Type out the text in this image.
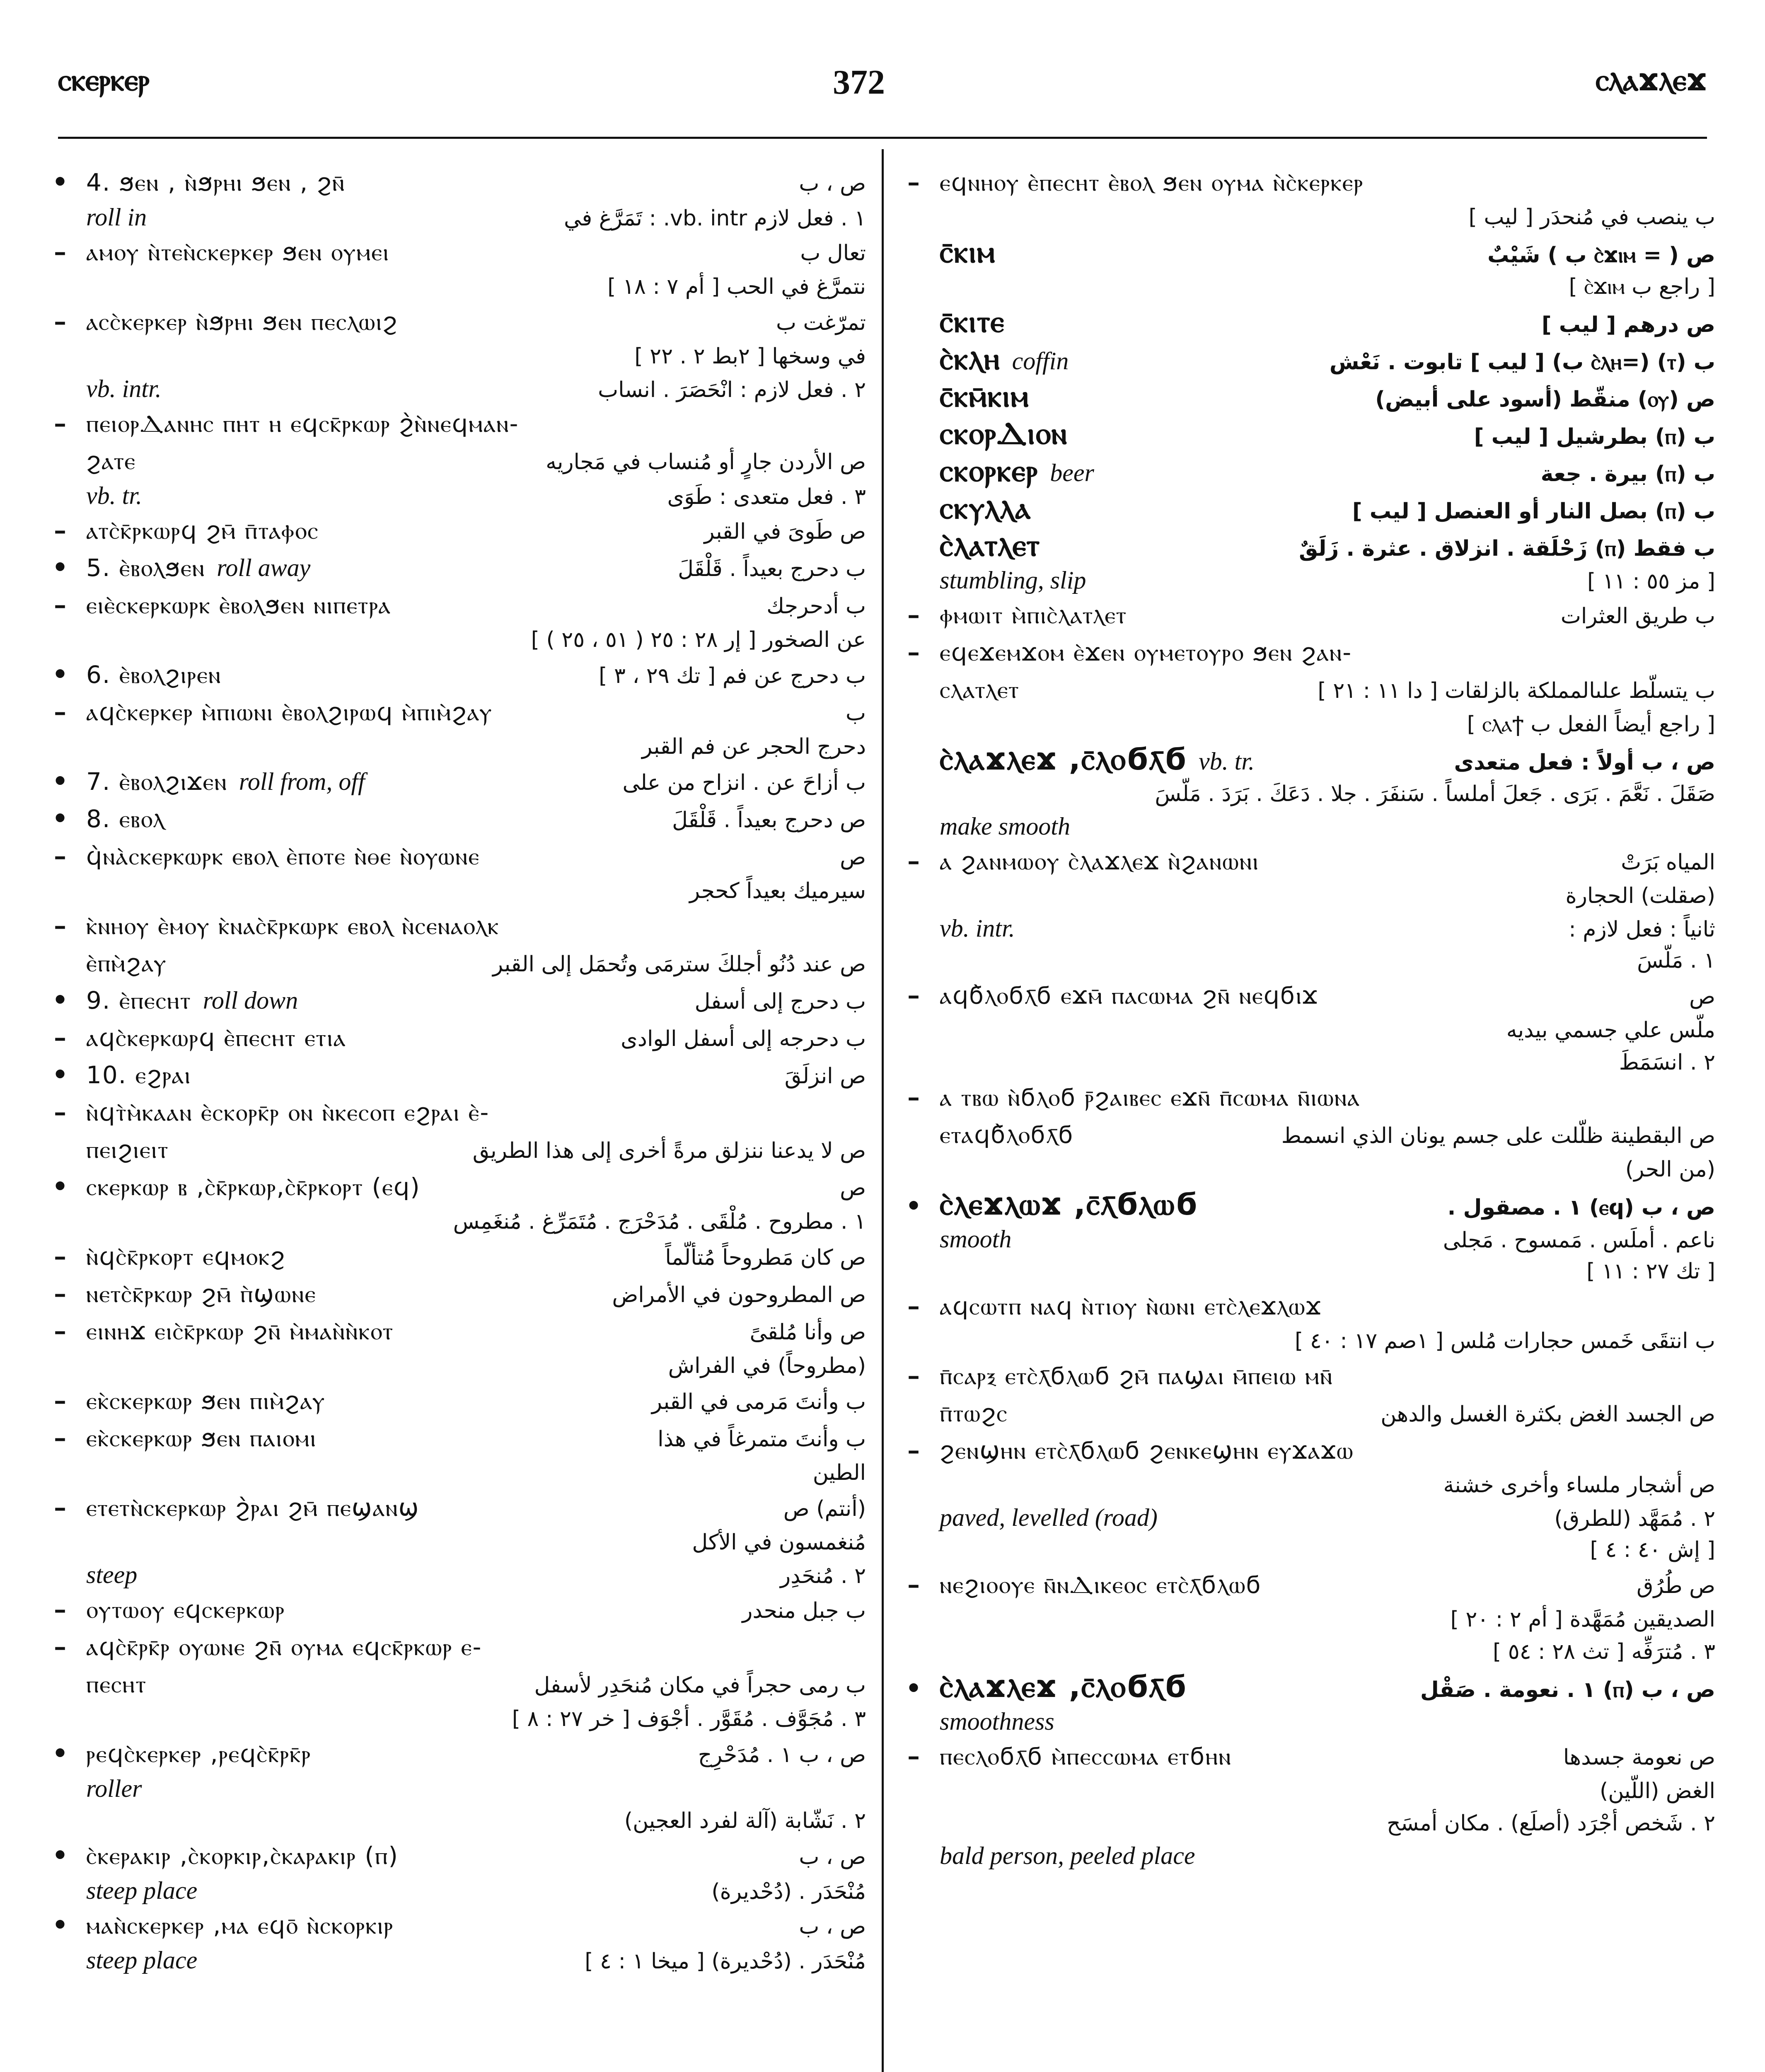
ⲥⲕⲉⲣⲕⲉⲣ	372	ⲥⲗⲁϫⲗⲉϫ
• 4. ϧⲉⲛ , ⲛ̀ϧⲣⲏⲓ ϧⲉⲛ , ϩⲛ̄	ص ، ب
roll in	١ . فعل لازم vb. intr. : تَمَرَّغ في
– ⲁⲙⲟⲩ ⲛ̀ⲧⲉⲛ̀ⲥⲕⲉⲣⲕⲉⲣ ϧⲉⲛ ⲟⲩⲙⲉⲓ	تعال ب
نتمرَّغ في الحب [ أم ٧ : ١٨ ]
– ⲁⲥⲥ̀ⲕⲉⲣⲕⲉⲣ ⲛ̀ϧⲣⲏⲓ ϧⲉⲛ ⲡⲉⲥⲗⲱⲓϩ	تمرّغت ب
في وسخها [ ٢بط ٢ . ٢٢ ]
vb. intr.	٢ . فعل لازم : انْحَصَرَ . انساب
– ⲡⲉⲓⲟⲣⲆⲁⲛⲏⲥ ⲡⲏⲧ ⲏ ⲉϥⲥⲕ̄ⲣⲕⲱⲣ ϩ̀ⲛ̀ⲛⲉϥⲙⲁⲛ-
ϩⲁⲧⲉ	ص الأردن جارٍ أو مُنساب في مَجاريه
vb. tr.	٣ . فعل متعدى : طَوَى
– ⲁⲧⲥ̀ⲕ̄ⲣⲕⲱⲣϥ ϩⲙ̄ ⲡ̄ⲧⲁⲫⲟⲥ	ص طَوىَ في القبر
• 5. ⲉ̀ⲃⲟⲗϧⲉⲛ roll away	ب دحرج بعيداً . قَلْقَلَ
– ⲉⲓⲉ̀ⲥⲕⲉⲣⲕⲱⲣⲕ ⲉ̀ⲃⲟⲗϧⲉⲛ ⲛⲓⲡⲉⲧⲣⲁ	ب أدحرجك
عن الصخور [ إر ٢٨ : ٢٥ ( ٥١ ، ٢٥ ) ]
• 6. ⲉ̀ⲃⲟⲗϩⲓⲣⲉⲛ	ب دحرج عن فم [ تك ٢٩ ، ٣ ]
– ⲁϥⲥ̀ⲕⲉⲣⲕⲉⲣ ⲙ̀ⲡⲓⲱⲛⲓ ⲉ̀ⲃⲟⲗϩⲓⲣⲱϥ ⲙ̀ⲡⲓⲙ̀ϩⲁⲩ	ب
دحرج الحجر عن فم القبر
• 7. ⲉ̀ⲃⲟⲗϩⲓϫⲉⲛ roll from, off	ب أزاحَ عن . انزاح من على
• 8. ⲉⲃⲟⲗ	ص دحرج بعيداً . قَلْقَلَ
– ϥ̀ⲛⲁ̀ⲥⲕⲉⲣⲕⲱⲣⲕ ⲉⲃⲟⲗ ⲉ̀ⲡⲟⲧⲉ ⲛ̀ⲑⲉ ⲛ̀ⲟⲩⲱⲛⲉ	ص
سيرميك بعيداً كحجر
– ⲕ̀ⲛⲏⲟⲩ ⲉ̀ⲙⲟⲩ ⲕ̀ⲛⲁⲥ̀ⲕ̄ⲣⲕⲱⲣⲕ ⲉⲃⲟⲗ ⲛ̀ⲥⲉⲛⲁⲟⲗⲕ
ⲉ̀ⲡⲙ̀ϩⲁⲩ	ص عند دُنُو أجلكَ سترمَى وتُحمَل إلى القبر
• 9. ⲉ̀ⲡⲉⲥⲏⲧ roll down	ب دحرج إلى أسفل
– ⲁϥⲥ̀ⲕⲉⲣⲕⲱⲣϥ ⲉ̀ⲡⲉⲥⲏⲧ ⲉⲧⲓⲁ	ب دحرجه إلى أسفل الوادى
• 10. ⲉϩⲣⲁⲓ	ص انزلَقَ
– ⲛ̀ϥⲧ̀ⲙ̀ⲕⲁⲁⲛ ⲉ̀ⲥⲕⲟⲣⲕ̄ⲣ ⲟⲛ ⲛ̀ⲕⲉⲥⲟⲡ ⲉϩⲣⲁⲓ ⲉ̀-
ⲡⲉⲓϩⲓⲉⲓⲧ	ص لا يدعنا ننزلق مرةً أخرى إلى هذا الطريق
• ⲥⲕⲉⲣⲕⲱⲣ ⲃ ,ⲥ̀ⲕ̄ⲣⲕⲱⲣ,ⲥ̀ⲕ̄ⲣⲕⲟⲣⲧ (ⲉϥ)	ص
١ . مطروح . مُلْقَى . مُدَحْرَج . مُتَمَرِّغ . مُنغَمِس
– ⲛ̀ϥⲥ̀ⲕ̄ⲣⲕⲟⲣⲧ ⲉϥⲙⲟⲕϩ	ص كان مَطروحاً مُتألّماً
– ⲛⲉⲧⲥ̀ⲕ̄ⲣⲕⲱⲣ ϩⲙ̄ ⲡ̀ϣⲱⲛⲉ	ص المطروحون في الأمراض
– ⲉⲓⲛⲏϫ ⲉⲓⲥ̀ⲕ̄ⲣⲕⲱⲣ ϩⲛ̄ ⲙ̀ⲙⲁⲛ̀ⲛ̀ⲕⲟⲧ	ص وأنا مُلقىً
(مطروحاً) في الفراش
– ⲉⲕ̀ⲥⲕⲉⲣⲕⲱⲣ ϧⲉⲛ ⲡⲓⲙ̀ϩⲁⲩ	ب وأنتَ مَرمى في القبر
– ⲉⲕ̀ⲥⲕⲉⲣⲕⲱⲣ ϧⲉⲛ ⲡⲁⲓⲟⲙⲓ	ب وأنتَ متمرغاً في هذا
الطين
– ⲉⲧⲉⲧⲛ̀ⲥⲕⲉⲣⲕⲱⲣ ϩ̀ⲣⲁⲓ ϩⲙ̄ ⲡⲉϣⲁⲛϣ	(أنتم) ص
مُنغمسون في الأكل
steep	٢ . مُنحَدِر
– ⲟⲩⲧⲱⲟⲩ ⲉϥⲥⲕⲉⲣⲕⲱⲣ	ب جبل منحدر
– ⲁϥⲥ̀ⲕ̄ⲣⲕ̄ⲣ ⲟⲩⲱⲛⲉ ϩⲛ̄ ⲟⲩⲙⲁ ⲉϥⲥⲕ̄ⲣⲕⲱⲣ ⲉ-
ⲡⲉⲥⲏⲧ	ب رمى حجراً في مكان مُنحَدِر لأسفل
٣ . مُجَوَّف . مُقَوَّر . أجْوَف [ خر ٢٧ : ٨ ]
• ⲣⲉϥⲥ̀ⲕⲉⲣⲕⲉⲣ ,ⲣⲉϥⲥ̀ⲕ̄ⲣⲕ̄ⲣ	ص ، ب ١ . مُدَحْرِج
roller
٢ . نَشّابة (آلة لفرد العجين)
• ⲥ̀ⲕⲉⲣⲁⲕⲓⲣ ,ⲥ̀ⲕⲟⲣⲕⲓⲣ,ⲥ̀ⲕⲁⲣⲁⲕⲓⲣ (ⲡ)	ص ، ب
steep place	مُنْحَدَر . (دُحْديرة)
• ⲙⲁⲛ̀ⲥⲕⲉⲣⲕⲉⲣ ,ⲙⲁ ⲉϥⲟ̄ ⲛ̀ⲥⲕⲟⲣⲕⲓⲣ	ص ، ب
steep place	مُنْحَدَر . (دُحْديرة) [ ميخا ١ : ٤ ]
– ⲉϥⲛⲏⲟⲩ ⲉ̀ⲡⲉⲥⲏⲧ ⲉ̀ⲃⲟⲗ ϧⲉⲛ ⲟⲩⲙⲁ ⲛ̀ⲥ̀ⲕⲉⲣⲕⲉⲣ
ب ينصب في مُنحدَر [ ليب ]
ⲥ̄ⲕⲓⲙ	ص ( = ⲥ̀ϫⲓⲙ ب ) شَيْبٌ
[ راجع ب ⲥ̀ϫⲓⲙ ]
ⲥ̄ⲕⲓⲧⲉ	ص درهم [ ليب ]
ⲥ̀ⲕⲗⲏ coffin	ب (ⲧ) (=ⲥ̀ⲗⲏ ب) [ ليب ] تابوت . نَعْش
ⲥ̄ⲕⲙ̄ⲕⲓⲙ	ص (ⲟⲩ) منقّط (أسود على أبيض)
ⲥⲕⲟⲣⲆⲓⲟⲛ	ب (ⲡ) بطرشيل [ ليب ]
ⲥⲕⲟⲣⲕⲉⲣ beer	ب (ⲡ) بيرة . جعة
ⲥⲕⲩⲗⲗⲁ	ب (ⲡ) بصل النار أو العنصل [ ليب ]
ⲥ̀ⲗⲁⲧⲗⲉⲧ	ب فقط (ⲡ) زَحْلَقة . انزلاق . عثرة . زَلَقٌ
stumbling, slip	[ مز ٥٥ : ١١ ]
– ⲫⲙⲱⲓⲧ ⲙ̀ⲡⲓⲥ̀ⲗⲁⲧⲗⲉⲧ	ب طريق العثرات
– ⲉϥⲉϫⲉⲙϫⲟⲙ ⲉ̀ϫⲉⲛ ⲟⲩⲙⲉⲧⲟⲩⲣⲟ ϧⲉⲛ ϩⲁⲛ-
ⲥⲗⲁⲧⲗⲉⲧ	ب يتسلّط علىالمملكة بالزلقات [ دا ١١ : ٢١ ]
[ راجع أيضاً الفعل ب ⲥⲗⲁϯ ]
ⲥ̀ⲗⲁϫⲗⲉϫ ,ⲥ̄ⲗⲟϭⲗ̄ϭ vb. tr.	ص ، ب أولاً : فعل متعدى
صَقَلَ . نَعَّمَ . بَرَى . جَعلَ أملساً . سَنفَرَ . جلا . دَعَكَ . بَرَدَ . مَلَّسَ
make smooth
– ⲁ ϩⲁⲛⲙⲱⲟⲩ ⲥ̀ⲗⲁϫⲗⲉϫ ⲛ̀ϩⲁⲛⲱⲛⲓ	المياه بَرَتْ
(صقلت) الحجارة
vb. intr.	ثانياً : فعل لازم :
١ . مَلَّسَ
– ⲁϥϭ̀ⲗⲟϭⲗ̄ϭ ⲉϫⲙ̄ ⲡⲁⲥⲱⲙⲁ ϩⲛ̄ ⲛⲉϥϭⲓϫ	ص
ملّس علي جسمي بيديه
٢ . انسَمَطَ
– ⲁ ⲧⲃⲱ ⲛ̀ϭⲗⲟϭ ⲣ̄ϩⲁⲓⲃⲉⲥ ⲉϫⲛ̄ ⲡ̄ⲥⲱⲙⲁ ⲛ̄ⲓⲱⲛⲁ
ⲉⲧⲁϥϭ̀ⲗⲟϭⲗ̄ϭ	ص البقطينة ظلّلت على جسم يونان الذي انسمط
(من الحر)
• ⲥ̀ⲗⲉϫⲗⲱϫ ,ⲥ̄ⲗ̄ϭⲗⲱϭ	ص ، ب (ⲉϥ) ١ . مصقول .
smooth	ناعم . أملَس . مَمسوح . مَجلى
[ تك ٢٧ : ١١ ]
– ⲁϥⲥⲱⲧⲡ ⲛⲁϥ ⲛ̀ⲧⲓⲟⲩ ⲛ̀ⲱⲛⲓ ⲉⲧⲥ̀ⲗⲉϫⲗⲱϫ
ب انتقَى خَمس حجارات مُلس [ ١صم ١٧ : ٤٠ ]
– ⲡ̄ⲥⲁⲣⲝ ⲉⲧⲥ̀ⲗ̄ϭⲗⲱϭ ϩⲙ̄ ⲡⲁϣⲁⲓ ⲙ̄ⲡⲉⲓⲱ ⲙⲛ̄
ⲡ̄ⲧⲱϩⲥ	ص الجسد الغض بكثرة الغسل والدهن
– ϩⲉⲛϣⲏⲛ ⲉⲧⲥ̀ⲗ̄ϭⲗⲱϭ ϩⲉⲛⲕⲉϣⲏⲛ ⲉⲩϫⲁϫⲱ
ص أشجار ملساء وأخرى خشنة
paved, levelled (road)	٢ . مُمَهَّد (للطرق)
[ إش ٤٠ : ٤ ]
– ⲛⲉϩⲓⲟⲟⲩⲉ ⲛ̄ⲛⲆⲓⲕⲉⲟⲥ ⲉⲧⲥ̀ⲗ̄ϭⲗⲱϭ	ص طُرُق
الصديقين مُمَهَّدة [ أم ٢ : ٢٠ ]
٣ . مُترَفِّه [ تث ٢٨ : ٥٤ ]
• ⲥ̀ⲗⲁϫⲗⲉϫ ,ⲥ̄ⲗⲟϭⲗ̄ϭ	ص ، ب (ⲡ) ١ . نعومة . صَقْل
smoothness
– ⲡⲉⲥⲗⲟϭⲗ̄ϭ ⲙ̀ⲡⲉⲥⲥⲱⲙⲁ ⲉⲧϭⲏⲛ	ص نعومة جسدها
الغض (اللّين)
٢ . شَخص أجْرَد (أصلَع) . مكان أمسَح
bald person, peeled place
